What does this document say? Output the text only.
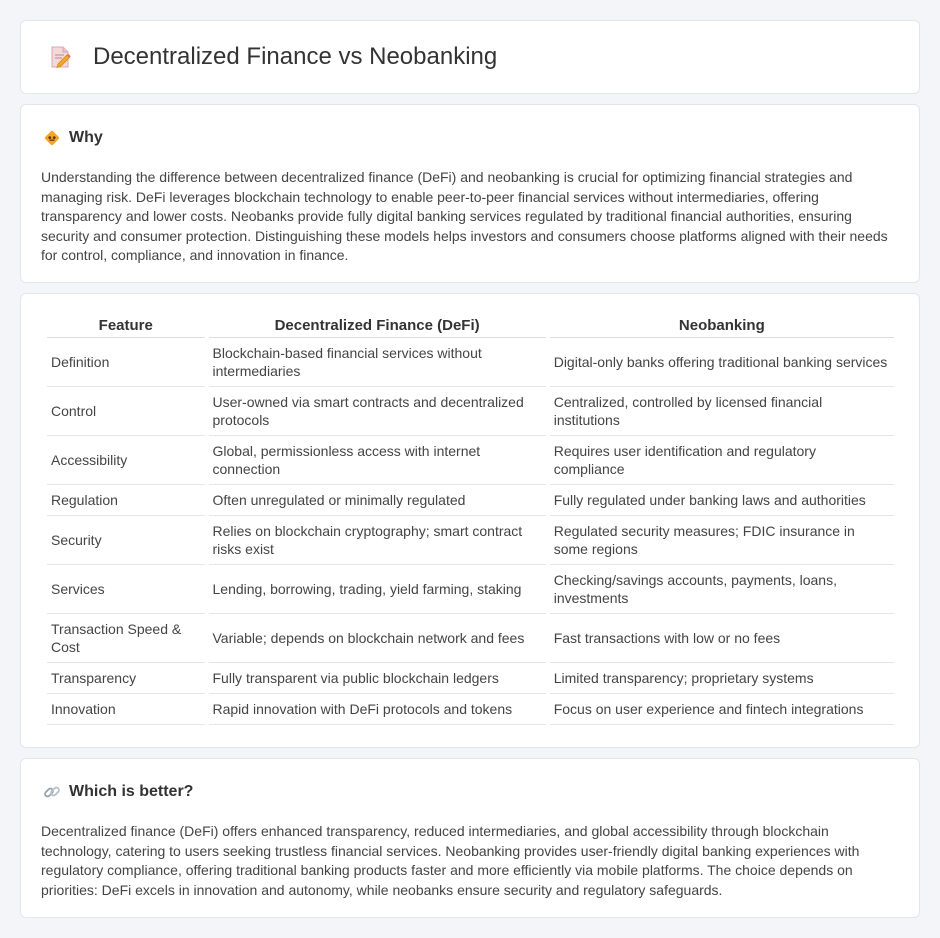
Decentralized Finance vs Neobanking
Why

Understanding the difference between decentralized finance (DeFi) and neobanking is crucial for optimizing financial strategies and managing risk. DeFi leverages blockchain technology to enable peer-to-peer financial services without intermediaries, offering transparency and lower costs. Neobanks provide fully digital banking services regulated by traditional financial authorities, ensuring security and consumer protection. Distinguishing these models helps investors and consumers choose platforms aligned with their needs for control, compliance, and innovation in finance.

Feature	Decentralized Finance (DeFi)	Neobanking
Definition	Blockchain-based financial services without intermediaries	Digital-only banks offering traditional banking services
Control	User-owned via smart contracts and decentralized protocols	Centralized, controlled by licensed financial institutions
Accessibility	Global, permissionless access with internet connection	Requires user identification and regulatory compliance
Regulation	Often unregulated or minimally regulated	Fully regulated under banking laws and authorities
Security	Relies on blockchain cryptography; smart contract risks exist	Regulated security measures; FDIC insurance in some regions
Services	Lending, borrowing, trading, yield farming, staking	Checking/savings accounts, payments, loans, investments
Transaction Speed & Cost	Variable; depends on blockchain network and fees	Fast transactions with low or no fees
Transparency	Fully transparent via public blockchain ledgers	Limited transparency; proprietary systems
Innovation	Rapid innovation with DeFi protocols and tokens	Focus on user experience and fintech integrations
Which is better?

Decentralized finance (DeFi) offers enhanced transparency, reduced intermediaries, and global accessibility through blockchain technology, catering to users seeking trustless financial services. Neobanking provides user-friendly digital banking experiences with regulatory compliance, offering traditional banking products faster and more efficiently via mobile platforms. The choice depends on priorities: DeFi excels in innovation and autonomy, while neobanks ensure security and regulatory safeguards.
